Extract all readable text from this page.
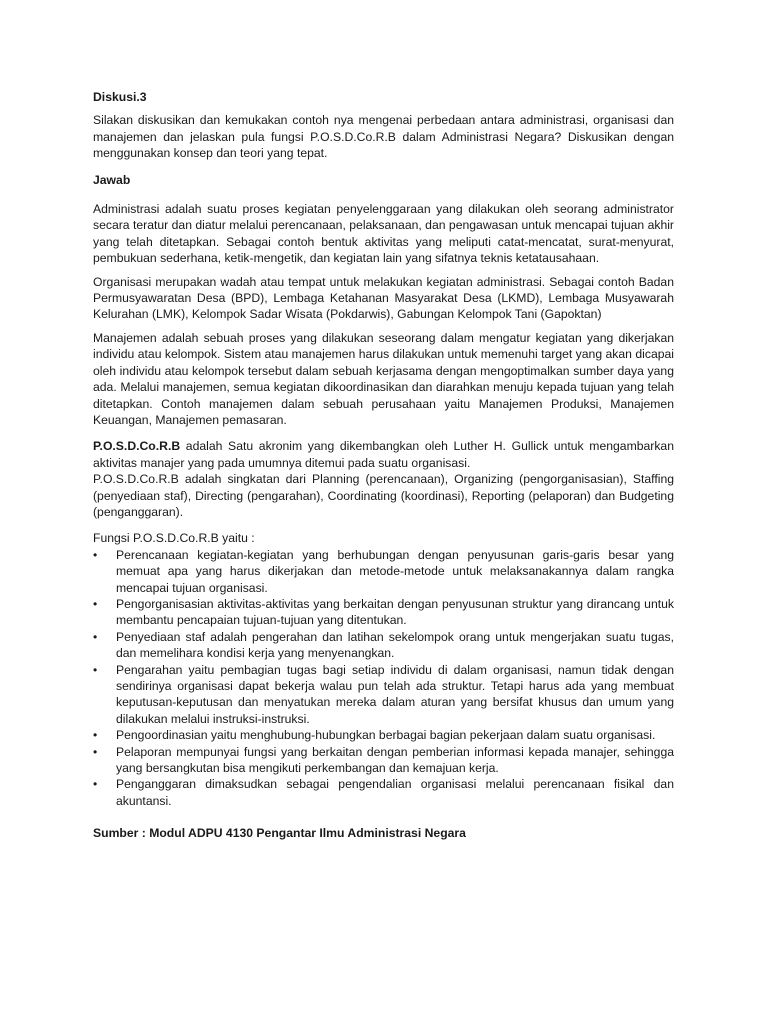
Diskusi.3

Silakan diskusikan dan kemukakan contoh nya mengenai perbedaan antara administrasi, organisasi dan manajemen dan jelaskan pula fungsi P.O.S.D.Co.R.B dalam Administrasi Negara? Diskusikan dengan menggunakan konsep dan teori yang tepat.

Jawab

Administrasi adalah suatu proses kegiatan penyelenggaraan yang dilakukan oleh seorang administrator secara teratur dan diatur melalui perencanaan, pelaksanaan, dan pengawasan untuk mencapai tujuan akhir yang telah ditetapkan. Sebagai contoh bentuk aktivitas yang meliputi catat-mencatat, surat-menyurat, pembukuan sederhana, ketik-mengetik, dan kegiatan lain yang sifatnya teknis ketatausahaan.

Organisasi merupakan wadah atau tempat untuk melakukan kegiatan administrasi. Sebagai contoh Badan Permusyawaratan Desa (BPD), Lembaga Ketahanan Masyarakat Desa (LKMD), Lembaga Musyawarah Kelurahan (LMK), Kelompok Sadar Wisata (Pokdarwis), Gabungan Kelompok Tani (Gapoktan)

Manajemen adalah sebuah proses yang dilakukan seseorang dalam mengatur kegiatan yang dikerjakan individu atau kelompok. Sistem atau manajemen harus dilakukan untuk memenuhi target yang akan dicapai oleh individu atau kelompok tersebut dalam sebuah kerjasama dengan mengoptimalkan sumber daya yang ada. Melalui manajemen, semua kegiatan dikoordinasikan dan diarahkan menuju kepada tujuan yang telah ditetapkan. Contoh manajemen dalam sebuah perusahaan yaitu Manajemen Produksi, Manajemen Keuangan, Manajemen pemasaran.

P.O.S.D.Co.R.B adalah Satu akronim yang dikembangkan oleh Luther H. Gullick untuk mengambarkan aktivitas manajer yang pada umumnya ditemui pada suatu organisasi.

P.O.S.D.Co.R.B adalah singkatan dari Planning (perencanaan), Organizing (pengorganisasian), Staffing (penyediaan staf), Directing (pengarahan), Coordinating (koordinasi), Reporting (pelaporan) dan Budgeting (penganggaran).

Fungsi P.O.S.D.Co.R.B yaitu :

• Perencanaan kegiatan-kegiatan yang berhubungan dengan penyusunan garis-garis besar yang memuat apa yang harus dikerjakan dan metode-metode untuk melaksanakannya dalam rangka mencapai tujuan organisasi.
• Pengorganisasian aktivitas-aktivitas yang berkaitan dengan penyusunan struktur yang dirancang untuk membantu pencapaian tujuan-tujuan yang ditentukan.
• Penyediaan staf adalah pengerahan dan latihan sekelompok orang untuk mengerjakan suatu tugas, dan memelihara kondisi kerja yang menyenangkan.
• Pengarahan yaitu pembagian tugas bagi setiap individu di dalam organisasi, namun tidak dengan sendirinya organisasi dapat bekerja walau pun telah ada struktur. Tetapi harus ada yang membuat keputusan-keputusan dan menyatukan mereka dalam aturan yang bersifat khusus dan umum yang dilakukan melalui instruksi-instruksi.
• Pengoordinasian yaitu menghubung-hubungkan berbagai bagian pekerjaan dalam suatu organisasi.
• Pelaporan mempunyai fungsi yang berkaitan dengan pemberian informasi kepada manajer, sehingga yang bersangkutan bisa mengikuti perkembangan dan kemajuan kerja.
• Penganggaran dimaksudkan sebagai pengendalian organisasi melalui perencanaan fisikal dan akuntansi.

Sumber : Modul ADPU 4130 Pengantar Ilmu Administrasi Negara
